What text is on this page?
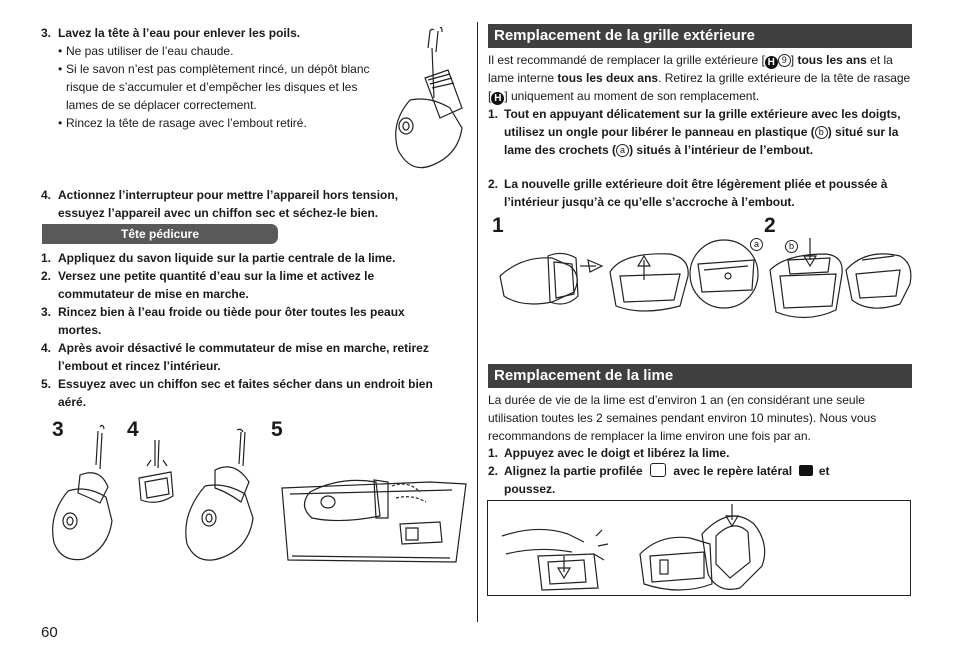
3. Lavez la tête à l’eau pour enlever les poils.
• Ne pas utiliser de l’eau chaude.
• Si le savon n’est pas complètement rincé, un dépôt blanc risque de s’accumuler et d’empêcher les disques et les lames de se déplacer correctement.
• Rincez la tête de rasage avec l’embout retiré.
4. Actionnez l’interrupteur pour mettre l’appareil hors tension, essuyez l’appareil avec un chiffon sec et séchez-le bien.
Tête pédicure
1. Appliquez du savon liquide sur la partie centrale de la lime.
2. Versez une petite quantité d’eau sur la lime et activez le commutateur de mise en marche.
3. Rincez bien à l’eau froide ou tiède pour ôter toutes les peaux mortes.
4. Après avoir désactivé le commutateur de mise en marche, retirez l’embout et rincez l’intérieur.
5. Essuyez avec un chiffon sec et faites sécher dans un endroit bien aéré.
3	4	5
60
Remplacement de la grille extérieure
Il est recommandé de remplacer la grille extérieure [ H 9 ] tous les ans et la lame interne tous les deux ans. Retirez la grille extérieure de la tête de rasage [ H ] uniquement au moment de son remplacement.
1. Tout en appuyant délicatement sur la grille extérieure avec les doigts, utilisez un ongle pour libérer le panneau en plastique ( b ) situé sur la lame des crochets ( a ) situés à l’intérieur de l’embout.
2. La nouvelle grille extérieure doit être légèrement pliée et poussée à l’intérieur jusqu’à ce qu’elle s’accroche à l’embout.
1	2
a	b
Remplacement de la lime
La durée de vie de la lime est d’environ 1 an (en considérant une seule utilisation toutes les 2 semaines pendant environ 10 minutes). Nous vous recommandons de remplacer la lime environ une fois par an.
1. Appuyez avec le doigt et libérez la lime.
2. Alignez la partie profilée	avec le repère latéral et poussez.
